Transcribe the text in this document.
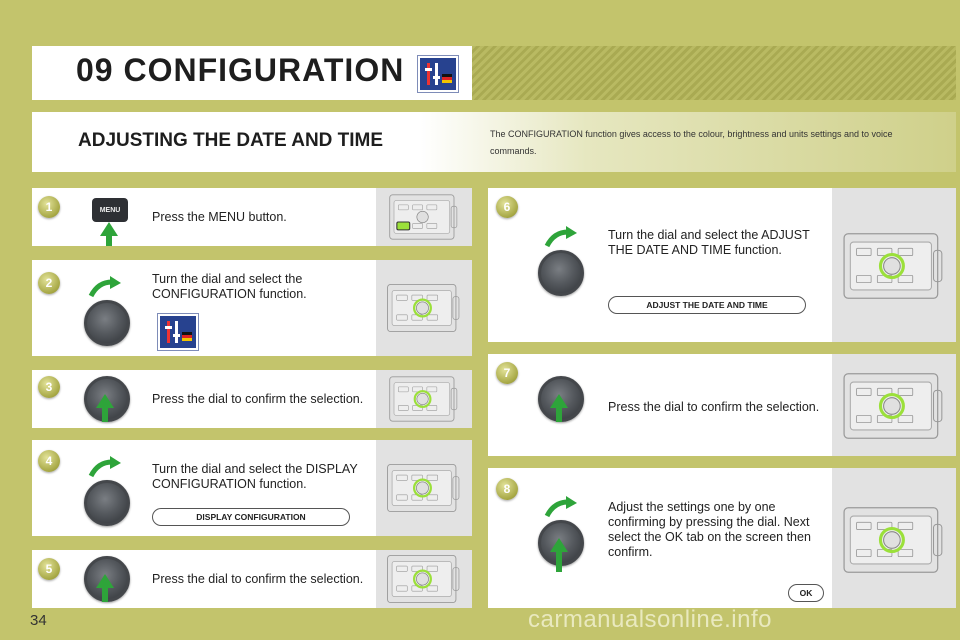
09 CONFIGURATION
ADJUSTING THE DATE AND TIME	The CONFIGURATION function gives access to the colour, brightness and units settings and to voice commands.
1	MENU	Press the MENU button.
2	Turn the dial and select the CONFIGURATION function.
3
Press the dial to confirm the selection.
4
Turn the dial and select the DISPLAY CONFIGURATION function.
DISPLAY CONFIGURATION
5
Press the dial to confirm the selection.
6
Turn the dial and select the ADJUST THE DATE AND TIME function.
ADJUST THE DATE AND TIME
7
Press the dial to confirm the selection.
8
Adjust the settings one by one confirming by pressing the dial. Next select the OK tab on the screen then confirm.
OK
34	carmanualsonline.info
